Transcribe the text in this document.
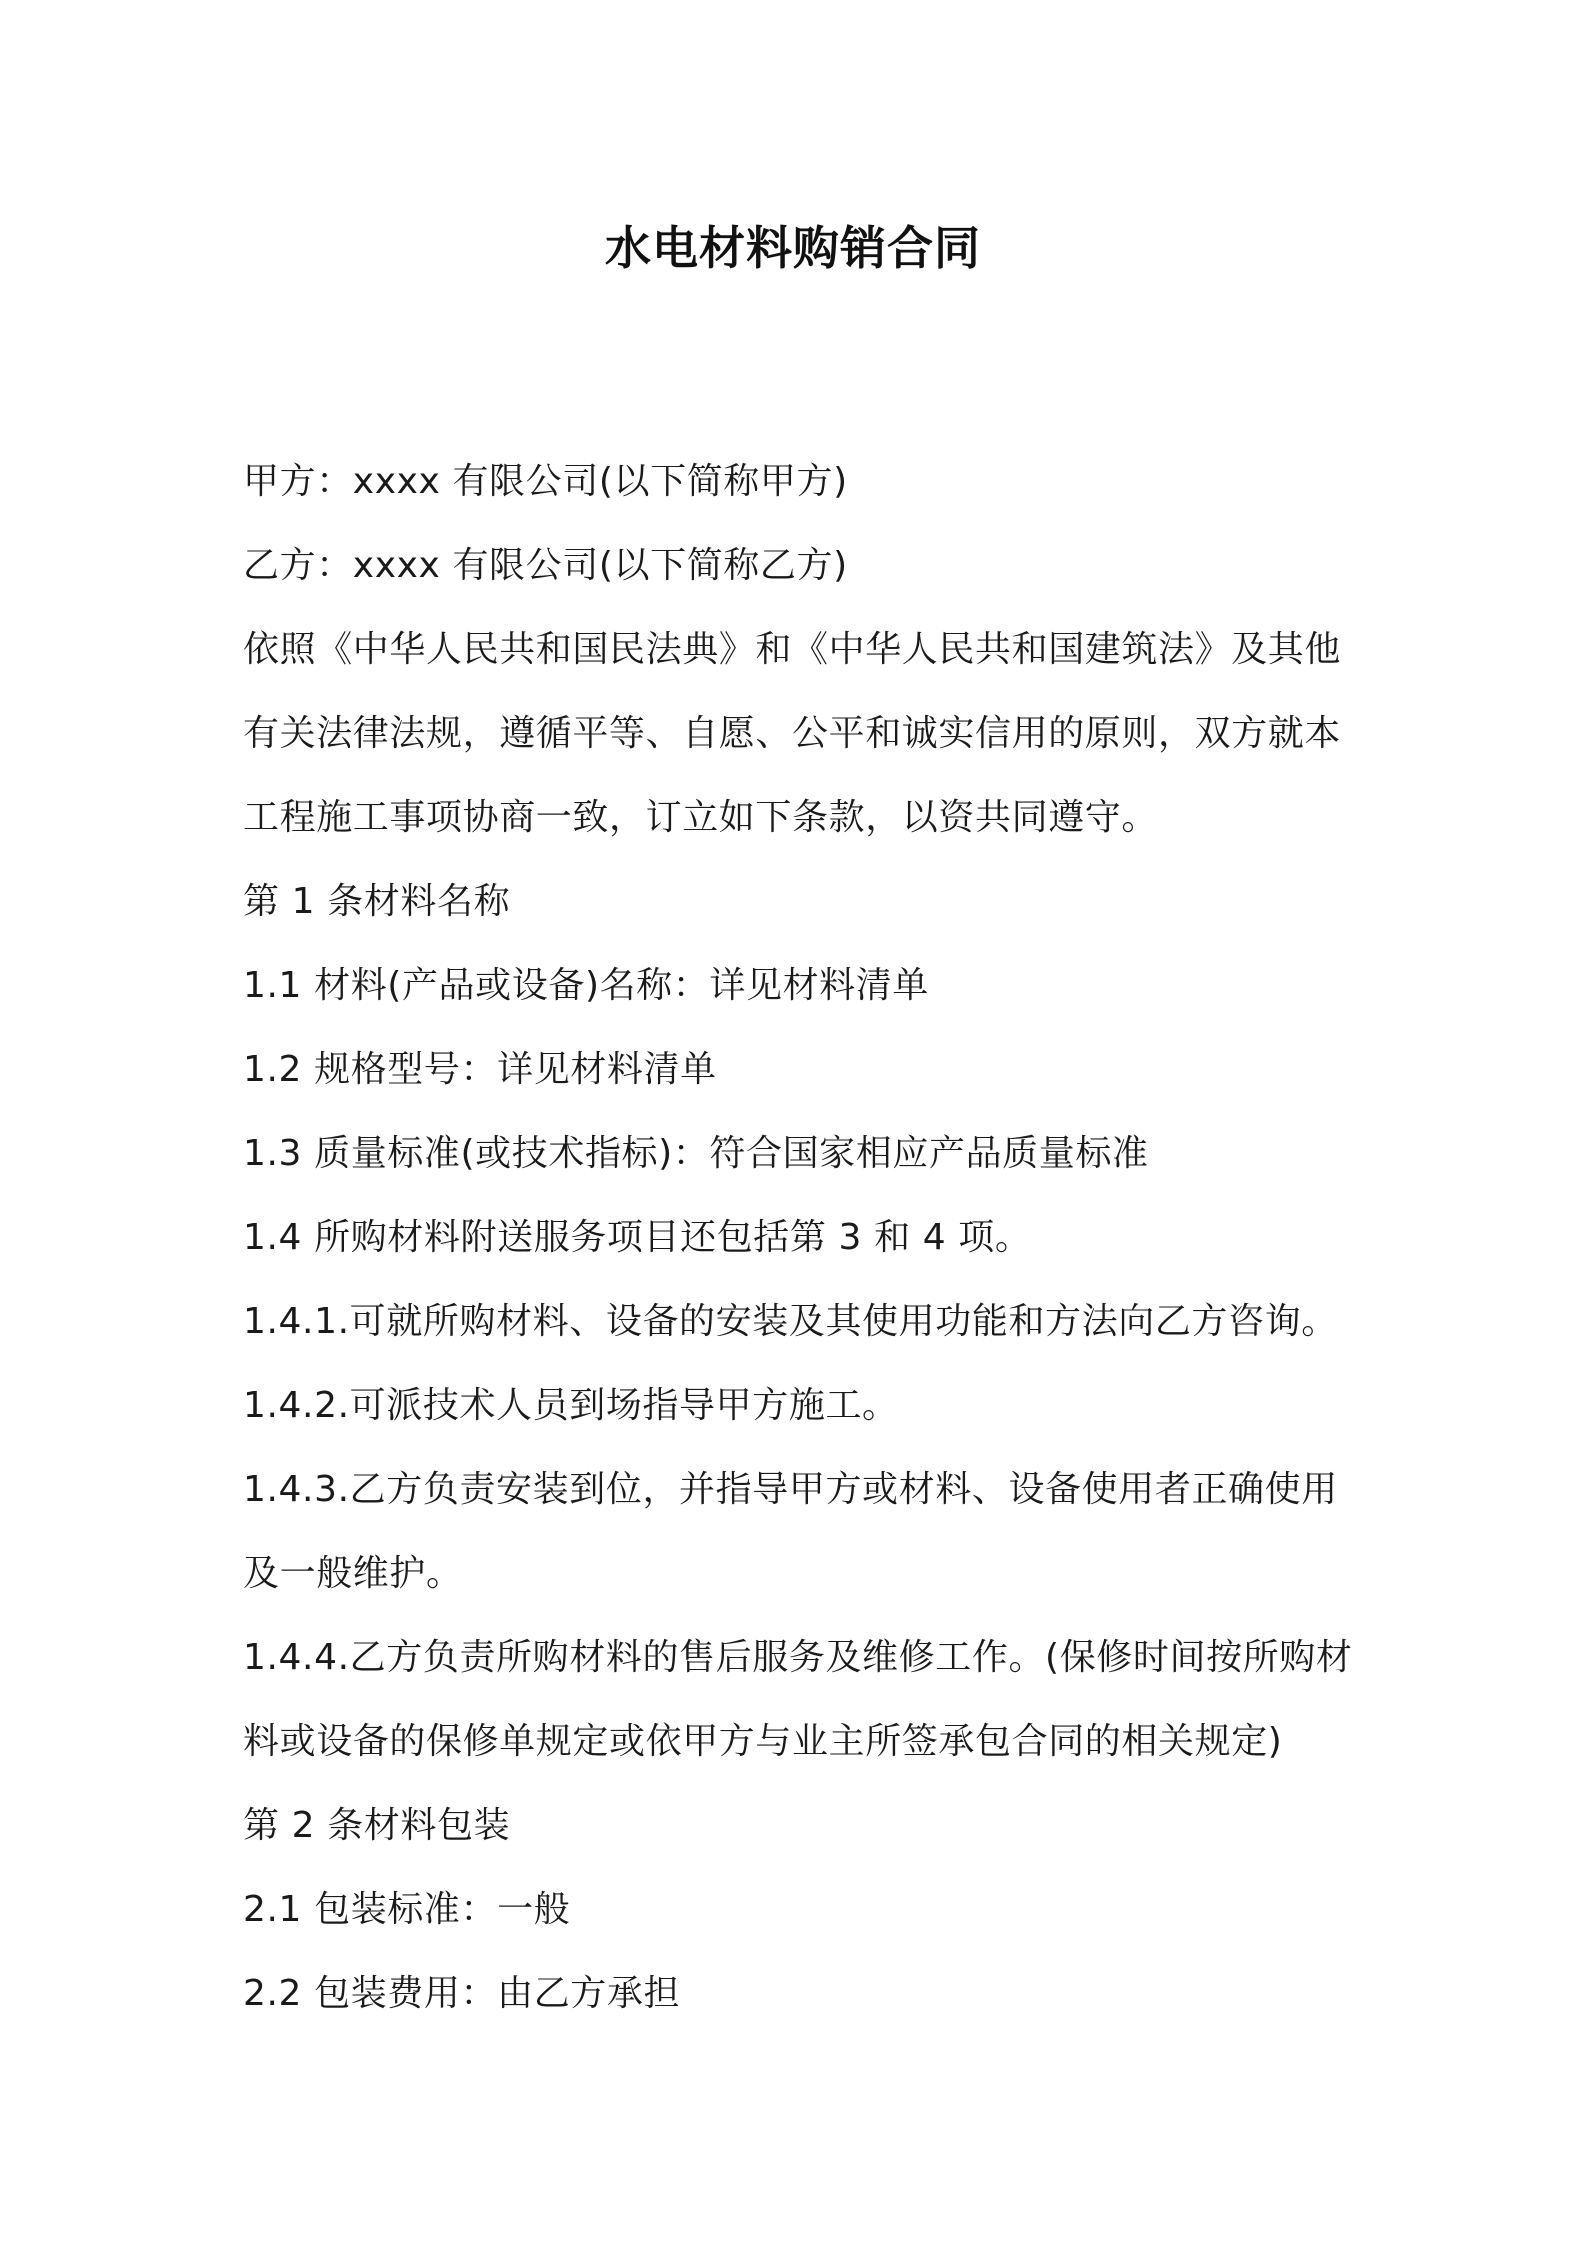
水电材料购销合同

甲方：xxxx 有限公司(以下简称甲方)

乙方：xxxx 有限公司(以下简称乙方)

依照《中华人民共和国民法典》和《中华人民共和国建筑法》及其他有关法律法规，遵循平等、自愿、公平和诚实信用的原则，双方就本工程施工事项协商一致，订立如下条款，以资共同遵守。

第 1 条材料名称

1.1 材料(产品或设备)名称：详见材料清单

1.2 规格型号：详见材料清单

1.3 质量标准(或技术指标)：符合国家相应产品质量标准

1.4 所购材料附送服务项目还包括第 3 和 4 项。

1.4.1.可就所购材料、设备的安装及其使用功能和方法向乙方咨询。

1.4.2.可派技术人员到场指导甲方施工。

1.4.3.乙方负责安装到位，并指导甲方或材料、设备使用者正确使用及一般维护。

1.4.4.乙方负责所购材料的售后服务及维修工作。(保修时间按所购材料或设备的保修单规定或依甲方与业主所签承包合同的相关规定)

第 2 条材料包装

2.1 包装标准：一般

2.2 包装费用：由乙方承担
